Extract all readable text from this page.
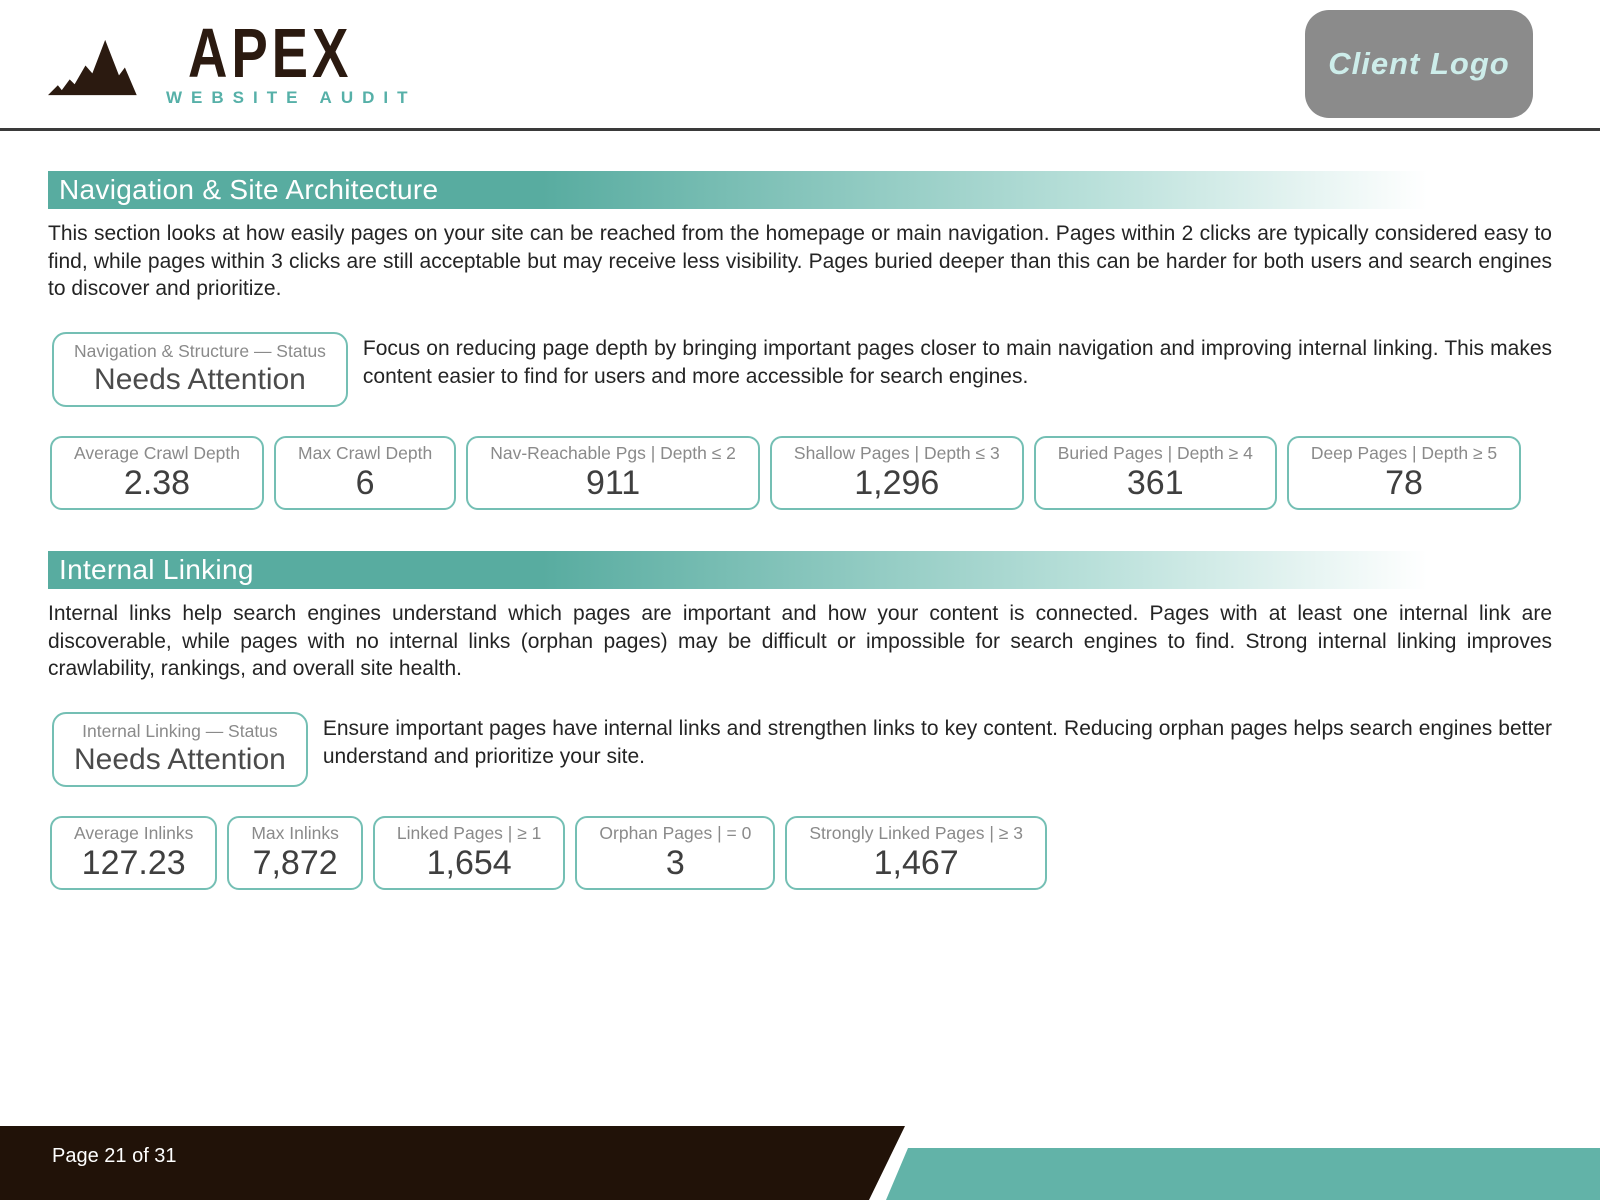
APEX
WEBSITE AUDIT
Client Logo
Navigation & Site Architecture

This section looks at how easily pages on your site can be reached from the homepage or main navigation. Pages within 2 clicks are typically considered easy to find, while pages within 3 clicks are still acceptable but may receive less visibility. Pages buried deeper than this can be harder for both users and search engines to discover and prioritize.

Navigation & Structure — Status
Needs Attention

Focus on reducing page depth by bringing important pages closer to main navigation and improving internal linking. This makes content easier to find for users and more accessible for search engines.

Average Crawl Depth
2.38
Max Crawl Depth
6
Nav-Reachable Pgs | Depth ≤ 2
911
Shallow Pages | Depth ≤ 3
1,296
Buried Pages | Depth ≥ 4
361
Deep Pages | Depth ≥ 5
78
Internal Linking

Internal links help search engines understand which pages are important and how your content is connected. Pages with at least one internal link are discoverable, while pages with no internal links (orphan pages) may be difficult or impossible for search engines to find. Strong internal linking improves crawlability, rankings, and overall site health.

Internal Linking — Status
Needs Attention

Ensure important pages have internal links and strengthen links to key content. Reducing orphan pages helps search engines better understand and prioritize your site.

Average Inlinks
127.23
Max Inlinks
7,872
Linked Pages | ≥ 1
1,654
Orphan Pages | = 0
3
Strongly Linked Pages | ≥ 3
1,467
Page 21 of 31
